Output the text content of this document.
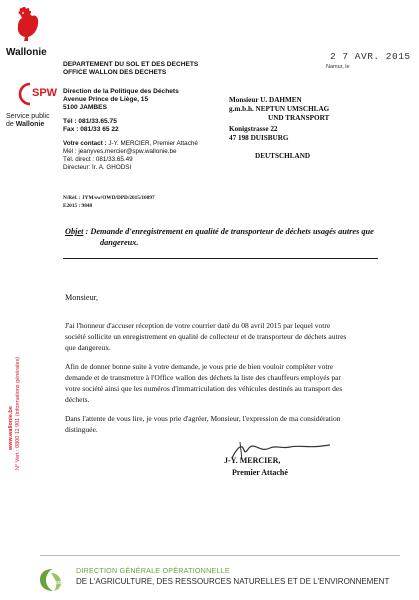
Wallonie
SPW
Service public
de Wallonie
www.wallonie.be N° Vert : 0800 11 901 (informations générales)
DEPARTEMENT DU SOL ET DES DECHETS
OFFICE WALLON DES DECHETS
Direction de la Politique des Déchets
Avenue Prince de Liège, 15
5100 JAMBES
Tél : 081/33.65.75
Fax : 081/33 65 22
Votre contact : J-Y. MERCIER, Premier Attaché
Mél : jeanyves.mercier@spw.wallonie.be
Tél. direct : 081/33.65.49
Directeur: Ir. A. GHODSI
Namur, le
2 7 AVR. 2015
Monsieur U. DAHMEN
g.m.b.h. NEPTUN UMSCHLAG
UND TRANSPORT
Konigstrasse 22
47 198 DUISBURG
DEUTSCHLAND
N/Réf. : JYM/sw/OWD/DPD/2015/10897
E2015 : 9848
Objet : Demande d'enregistrement en qualité de transporteur de déchets usagés autres que
dangereux.
Monsieur,
J'ai l'honneur d'accuser réception de votre courrier daté du 08 avril 2015 par lequel votre
société sollicite un enregistrement en qualité de collecteur et de transporteur de déchets autres
que dangereux.
Afin de donner bonne suite à votre demande, je vous prie de bien vouloir compléter votre
demande et de transmettre à l'Office wallon des déchets la liste des chauffeurs employés par
votre société ainsi que les numéros d'immatriculation des véhicules destinés au transport des
déchets.
Dans l'attente de vous lire, je vous prie d'agréer, Monsieur, l'expression de ma considération
distinguée.
J-Y. MERCIER,
Premier Attaché
DGO 3
DIRECTION GÉNÉRALE OPÉRATIONNELLE
DE L'AGRICULTURE, DES RESSOURCES NATURELLES ET DE L'ENVIRONNEMENT
